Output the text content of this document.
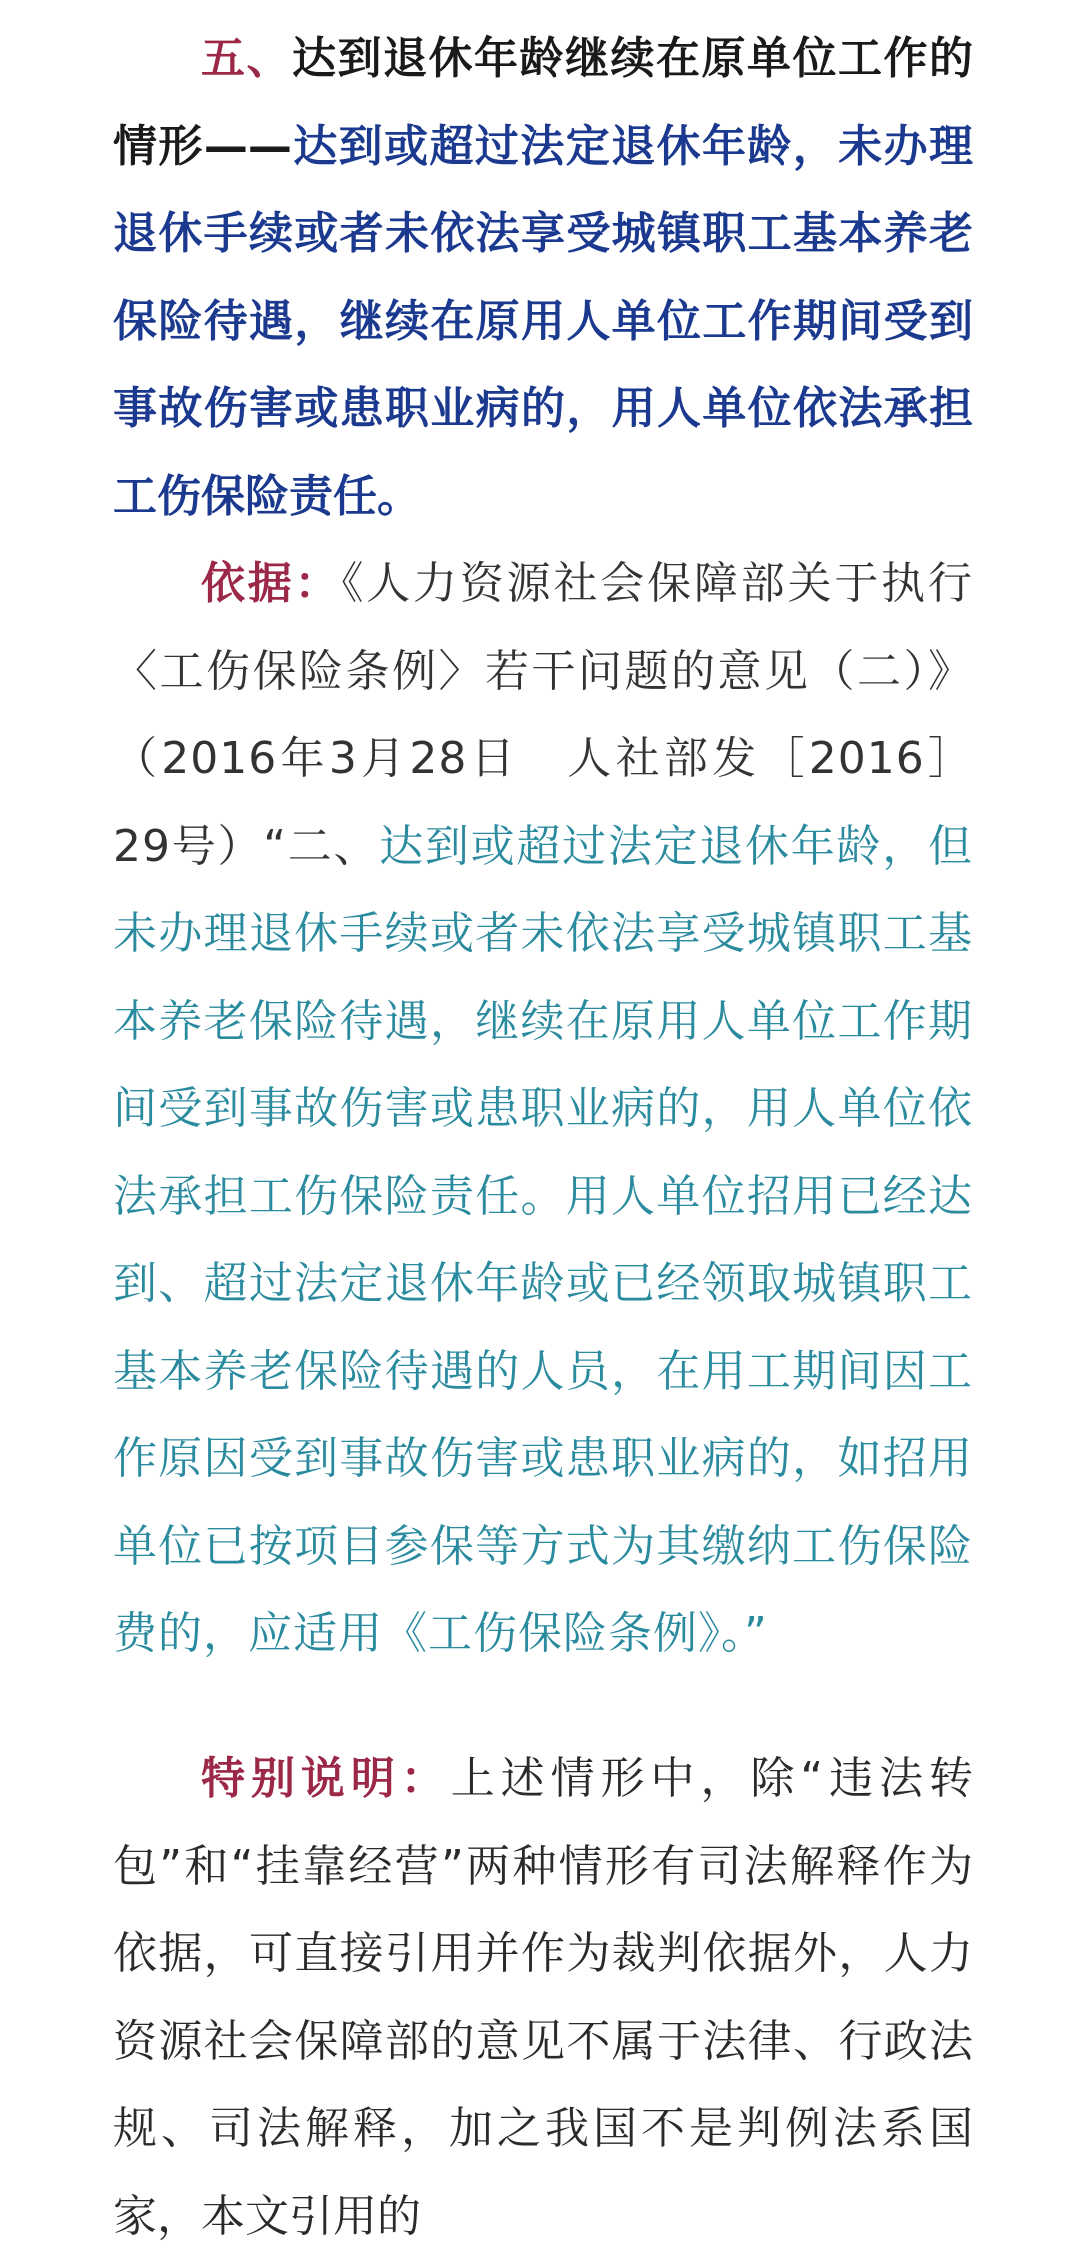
五、达到退休年龄继续在原单位工作的情形——达到或超过法定退休年龄，未办理退休手续或者未依法享受城镇职工基本养老保险待遇，继续在原用人单位工作期间受到事故伤害或患职业病的，用人单位依法承担工伤保险责任。

依据：《人力资源社会保障部关于执行〈工伤保险条例〉若干问题的意见（二）》（2016年3月28日　人社部发［2016］29号）“二、达到或超过法定退休年龄，但未办理退休手续或者未依法享受城镇职工基本养老保险待遇，继续在原用人单位工作期间受到事故伤害或患职业病的，用人单位依法承担工伤保险责任。用人单位招用已经达到、超过法定退休年龄或已经领取城镇职工基本养老保险待遇的人员，在用工期间因工作原因受到事故伤害或患职业病的，如招用单位已按项目参保等方式为其缴纳工伤保险费的，应适用《工伤保险条例》。”

特别说明：上述情形中，除“违法转包”和“挂靠经营”两种情形有司法解释作为依据，可直接引用并作为裁判依据外，人力资源社会保障部的意见不属于法律、行政法规、司法解释，加之我国不是判例法系国家，本文引用的
